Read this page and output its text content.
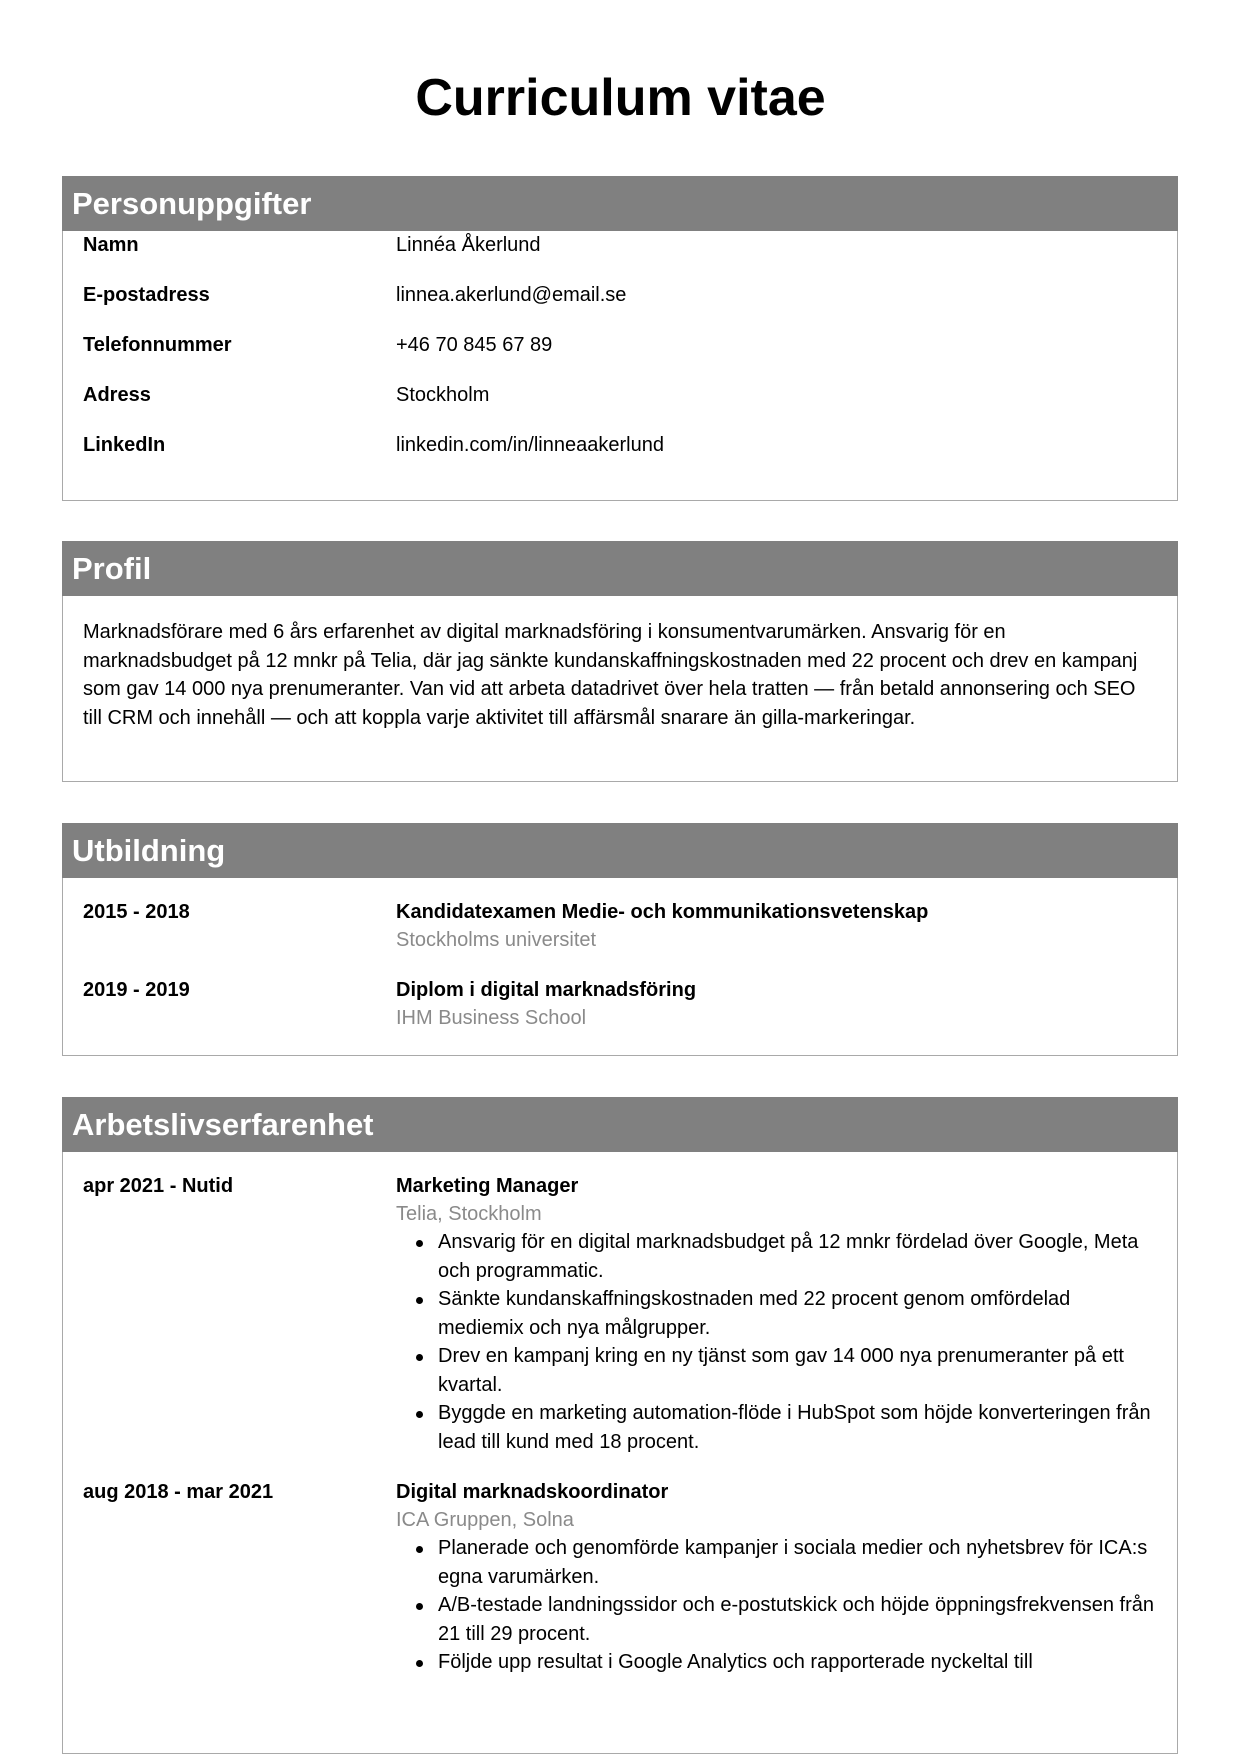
Curriculum vitae
Personuppgifter
Namn	Linnéa Åkerlund
E-postadress	linnea.akerlund@email.se
Telefonnummer	+46 70 845 67 89
Adress	Stockholm
LinkedIn	linkedin.com/in/linneaakerlund
Profil

Marknadsförare med 6 års erfarenhet av digital marknadsföring i konsumentvarumärken. Ansvarig för en marknadsbudget på 12 mnkr på Telia, där jag sänkte kundanskaffningskostnaden med 22 procent och drev en kampanj som gav 14 000 nya prenumeranter. Van vid att arbeta datadrivet över hela tratten — från betald annonsering och SEO till CRM och innehåll — och att koppla varje aktivitet till affärsmål snarare än gilla-markeringar.

Utbildning
2015 - 2018	Kandidatexamen Medie- och kommunikationsvetenskap
Stockholms universitet
2019 - 2019	Diplom i digital marknadsföring
IHM Business School
Arbetslivserfarenhet
apr 2021 - Nutid	Marketing Manager
Telia, Stockholm
Ansvarig för en digital marknadsbudget på 12 mnkr fördelad över Google, Meta och programmatic.
Sänkte kundanskaffningskostnaden med 22 procent genom omfördelad mediemix och nya målgrupper.
Drev en kampanj kring en ny tjänst som gav 14 000 nya prenumeranter på ett kvartal.
Byggde en marketing automation-flöde i HubSpot som höjde konverteringen från lead till kund med 18 procent.
aug 2018 - mar 2021	Digital marknadskoordinator
ICA Gruppen, Solna
Planerade och genomförde kampanjer i sociala medier och nyhetsbrev för ICA:s egna varumärken.
A/B-testade landningssidor och e-postutskick och höjde öppningsfrekvensen från 21 till 29 procent.
Följde upp resultat i Google Analytics och rapporterade nyckeltal till
